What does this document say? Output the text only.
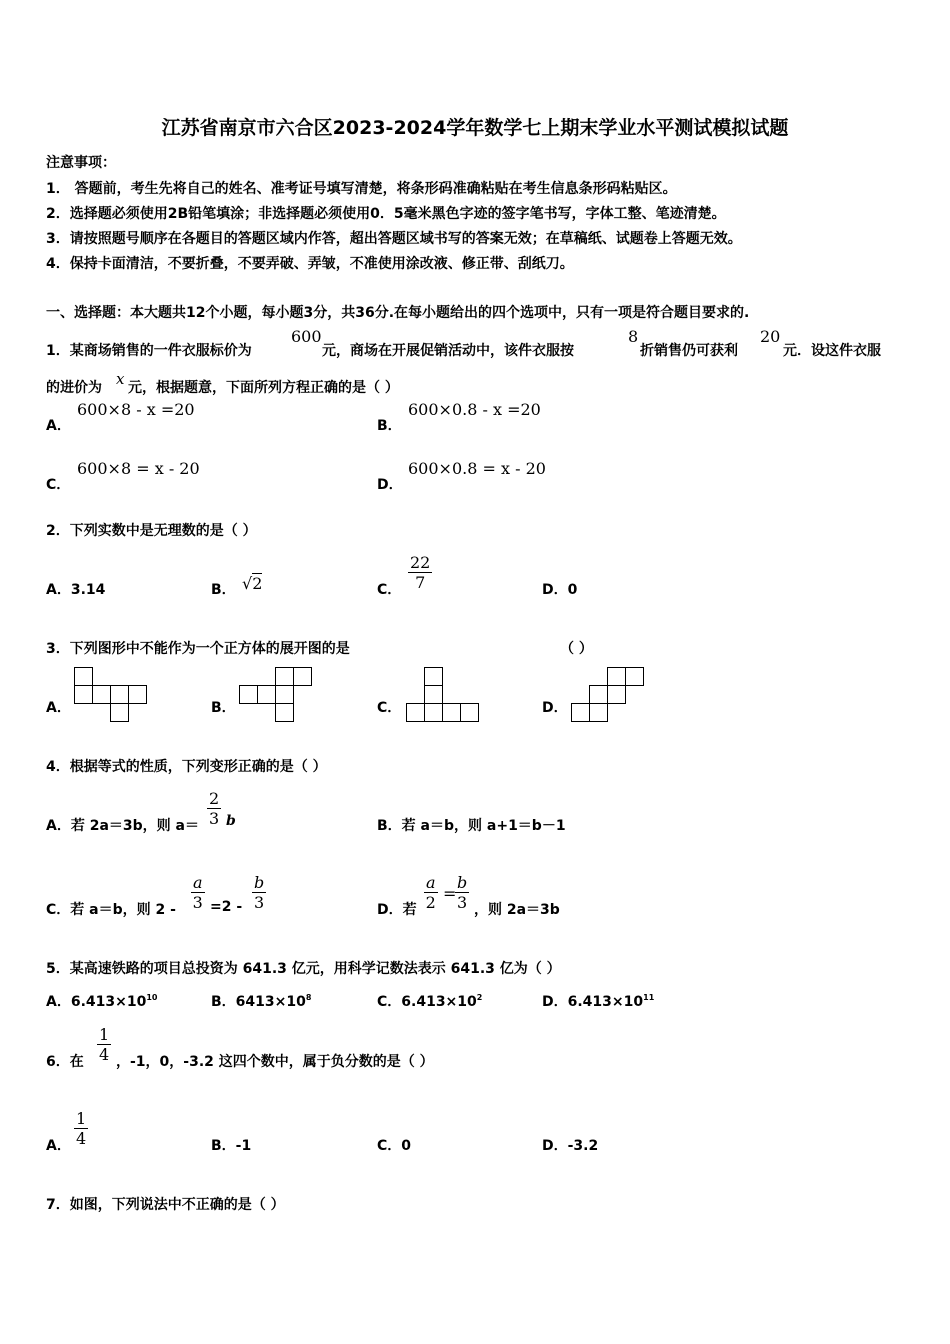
江苏省南京市六合区2023-2024学年数学七上期末学业水平测试模拟试题
注意事项：
1． 答题前，考生先将自己的姓名、准考证号填写清楚，将条形码准确粘贴在考生信息条形码粘贴区。
2．选择题必须使用2B铅笔填涂；非选择题必须使用0．5毫米黑色字迹的签字笔书写，字体工整、笔迹清楚。
3．请按照题号顺序在各题目的答题区域内作答，超出答题区域书写的答案无效；在草稿纸、试题卷上答题无效。
4．保持卡面清洁，不要折叠，不要弄破、弄皱，不准使用涂改液、修正带、刮纸刀。
一、选择题：本大题共12个小题，每小题3分，共36分.在每小题给出的四个选项中，只有一项是符合题目要求的.
1．某商场销售的一件衣服标价为
600
元，商场在开展促销活动中，该件衣服按
8
折销售仍可获利
20
元．设这件衣服
的进价为 x 元，根据题意，下面所列方程正确的是（ ）
A．
600×8 - x =20
B．
600×0.8 - x =20
C．
600×8 = x - 20
D．
600×0.8 = x - 20
2．下列实数中是无理数的是（ ）
A．3.14	B． √2	C． $\frac{22}{7}$	D．0
3．下列图形中不能作为一个正方体的展开图的是	（ ）
A．	B．	C．	D．
4．根据等式的性质，下列变形正确的是（ ）
A．若 2a＝3b，则 $a= \frac{2}{3}$ b	B．若 a＝b，则 a+1＝b－1
C．若 a＝b，则 $2 - \frac{a}{3} =2 - \frac{b}{3}$	D．若 $\frac{a}{2}$ =
$\frac{b}{3}$ ，则 2a＝3b
5．某高速铁路的项目总投资为 641.3 亿元，用科学记数法表示 641.3 亿为（ ）
A．$6.413\times 10^{10}$	B．$6413\times 10^8$	C．$6.413\times 10^2$	D．$6.413\times 10^{11}$
6．在 $\frac{1}{4}$ ，-1，0，-3.2 这四个数中，属于负分数的是（ ）
A． $\frac{1}{4}$	B．-1	C．0	D．-3.2
7．如图，下列说法中不正确的是（ ）
